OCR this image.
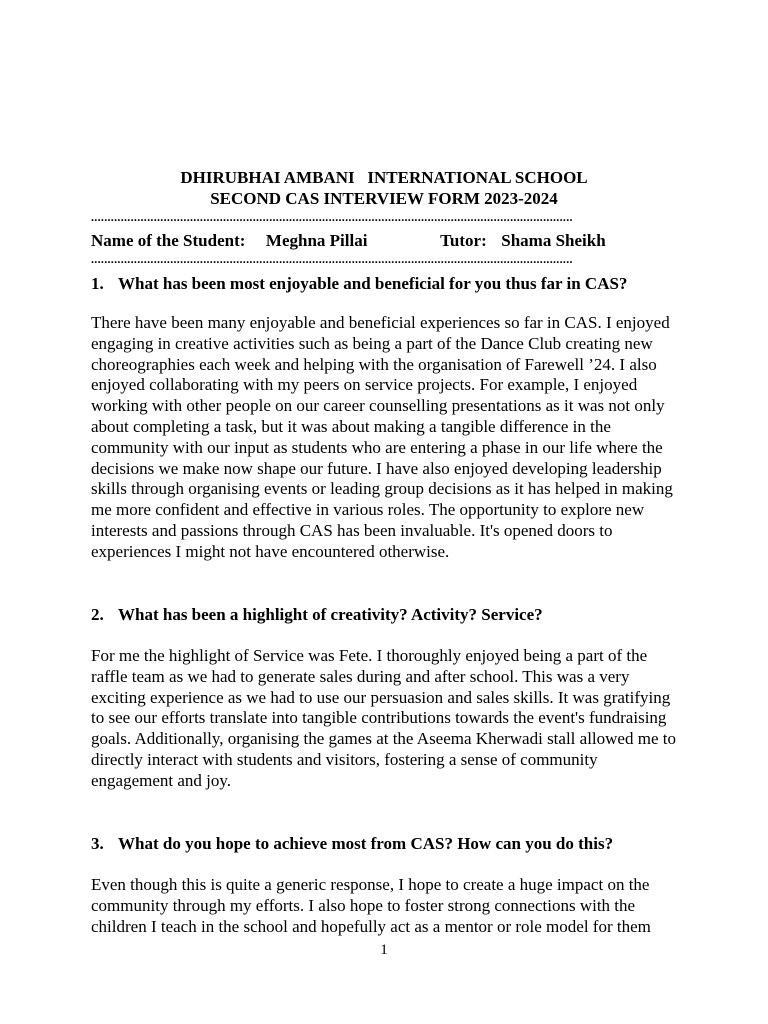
DHIRUBHAI AMBANI   INTERNATIONAL SCHOOL
SECOND CAS INTERVIEW FORM 2023-2024
..................................................................................................................................................
Name of the Student: Meghna Pillai	Tutor: Shama Sheikh
..................................................................................................................................................
1. What has been most enjoyable and beneficial for you thus far in CAS?
There have been many enjoyable and beneficial experiences so far in CAS. I enjoyed engaging in creative activities such as being a part of the Dance Club creating new choreographies each week and helping with the organisation of Farewell ’24. I also enjoyed collaborating with my peers on service projects. For example, I enjoyed working with other people on our career counselling presentations as it was not only about completing a task, but it was about making a tangible difference in the community with our input as students who are entering a phase in our life where the decisions we make now shape our future. I have also enjoyed developing leadership skills through organising events or leading group decisions as it has helped in making me more confident and effective in various roles. The opportunity to explore new interests and passions through CAS has been invaluable. It's opened doors to experiences I might not have encountered otherwise.
2. What has been a highlight of creativity? Activity? Service?
For me the highlight of Service was Fete. I thoroughly enjoyed being a part of the raffle team as we had to generate sales during and after school. This was a very exciting experience as we had to use our persuasion and sales skills. It was gratifying to see our efforts translate into tangible contributions towards the event's fundraising goals. Additionally, organising the games at the Aseema Kherwadi stall allowed me to directly interact with students and visitors, fostering a sense of community engagement and joy.
3. What do you hope to achieve most from CAS? How can you do this?
Even though this is quite a generic response, I hope to create a huge impact on the community through my efforts. I also hope to foster strong connections with the children I teach in the school and hopefully act as a mentor or role model for them
1
